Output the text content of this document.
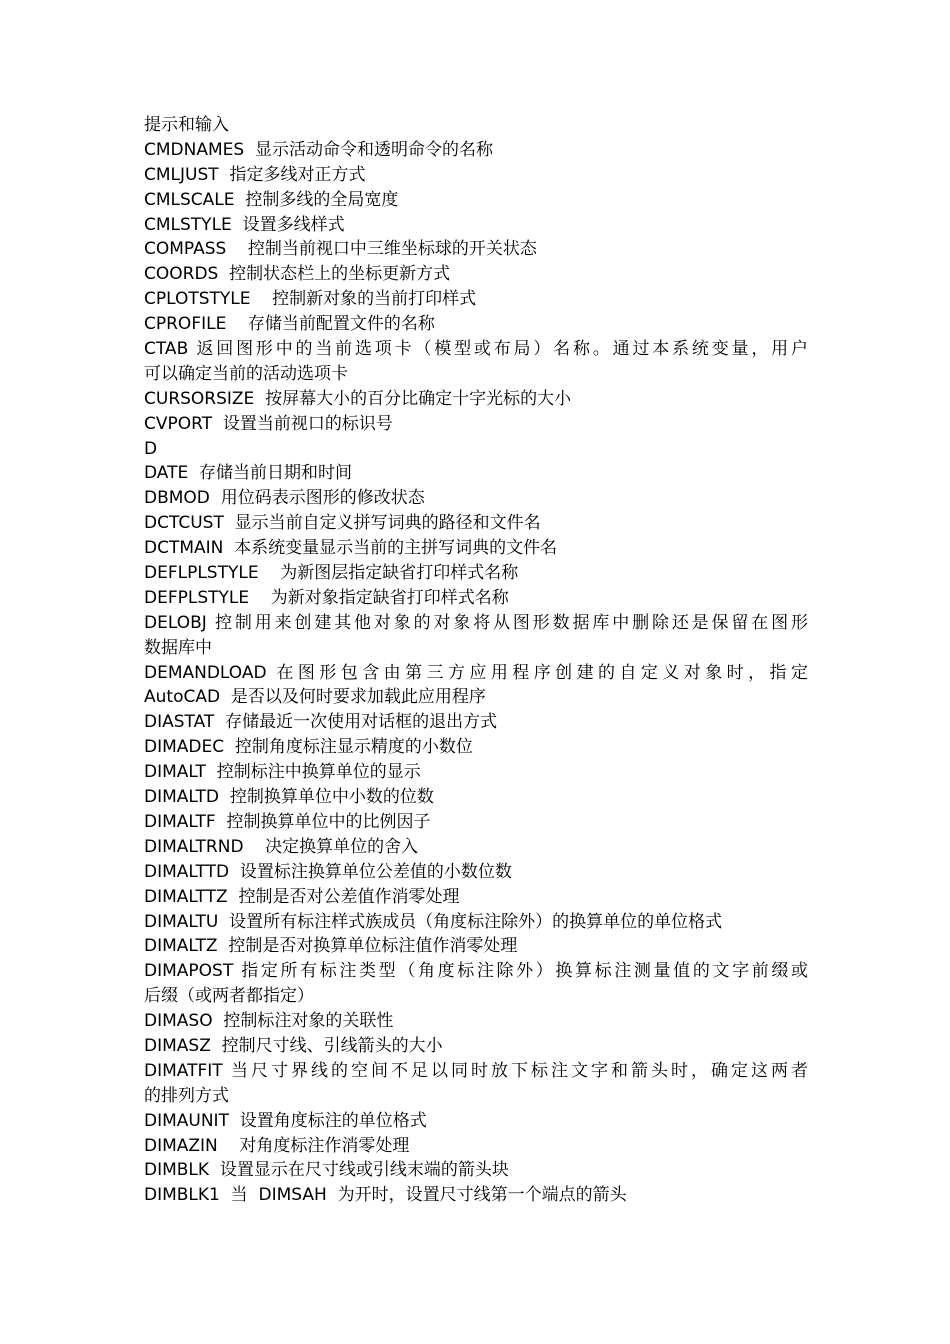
提示和输入
CMDNAMES  显示活动命令和透明命令的名称
CMLJUST  指定多线对正方式
CMLSCALE  控制多线的全局宽度
CMLSTYLE  设置多线样式
COMPASS    控制当前视口中三维坐标球的开关状态
COORDS  控制状态栏上的坐标更新方式
CPLOTSTYLE    控制新对象的当前打印样式
CPROFILE    存储当前配置文件的名称
CTAB 返回图形中的当前选项卡（模型或布局）名称。通过本系统变量，用户
可以确定当前的活动选项卡
CURSORSIZE  按屏幕大小的百分比确定十字光标的大小
CVPORT  设置当前视口的标识号
D
DATE  存储当前日期和时间
DBMOD  用位码表示图形的修改状态
DCTCUST  显示当前自定义拼写词典的路径和文件名
DCTMAIN  本系统变量显示当前的主拼写词典的文件名
DEFLPLSTYLE    为新图层指定缺省打印样式名称
DEFPLSTYLE    为新对象指定缺省打印样式名称
DELOBJ 控制用来创建其他对象的对象将从图形数据库中删除还是保留在图形
数据库中
DEMANDLOAD 在图形包含由第三方应用程序创建的自定义对象时，指定
AutoCAD  是否以及何时要求加载此应用程序
DIASTAT  存储最近一次使用对话框的退出方式
DIMADEC  控制角度标注显示精度的小数位
DIMALT  控制标注中换算单位的显示
DIMALTD  控制换算单位中小数的位数
DIMALTF  控制换算单位中的比例因子
DIMALTRND    决定换算单位的舍入
DIMALTTD  设置标注换算单位公差值的小数位数
DIMALTTZ  控制是否对公差值作消零处理
DIMALTU  设置所有标注样式族成员（角度标注除外）的换算单位的单位格式
DIMALTZ  控制是否对换算单位标注值作消零处理
DIMAPOST 指定所有标注类型（角度标注除外）换算标注测量值的文字前缀或
后缀（或两者都指定）
DIMASO  控制标注对象的关联性
DIMASZ  控制尺寸线、引线箭头的大小
DIMATFIT 当尺寸界线的空间不足以同时放下标注文字和箭头时，确定这两者
的排列方式
DIMAUNIT  设置角度标注的单位格式
DIMAZIN    对角度标注作消零处理
DIMBLK  设置显示在尺寸线或引线末端的箭头块
DIMBLK1  当  DIMSAH  为开时，设置尺寸线第一个端点的箭头
